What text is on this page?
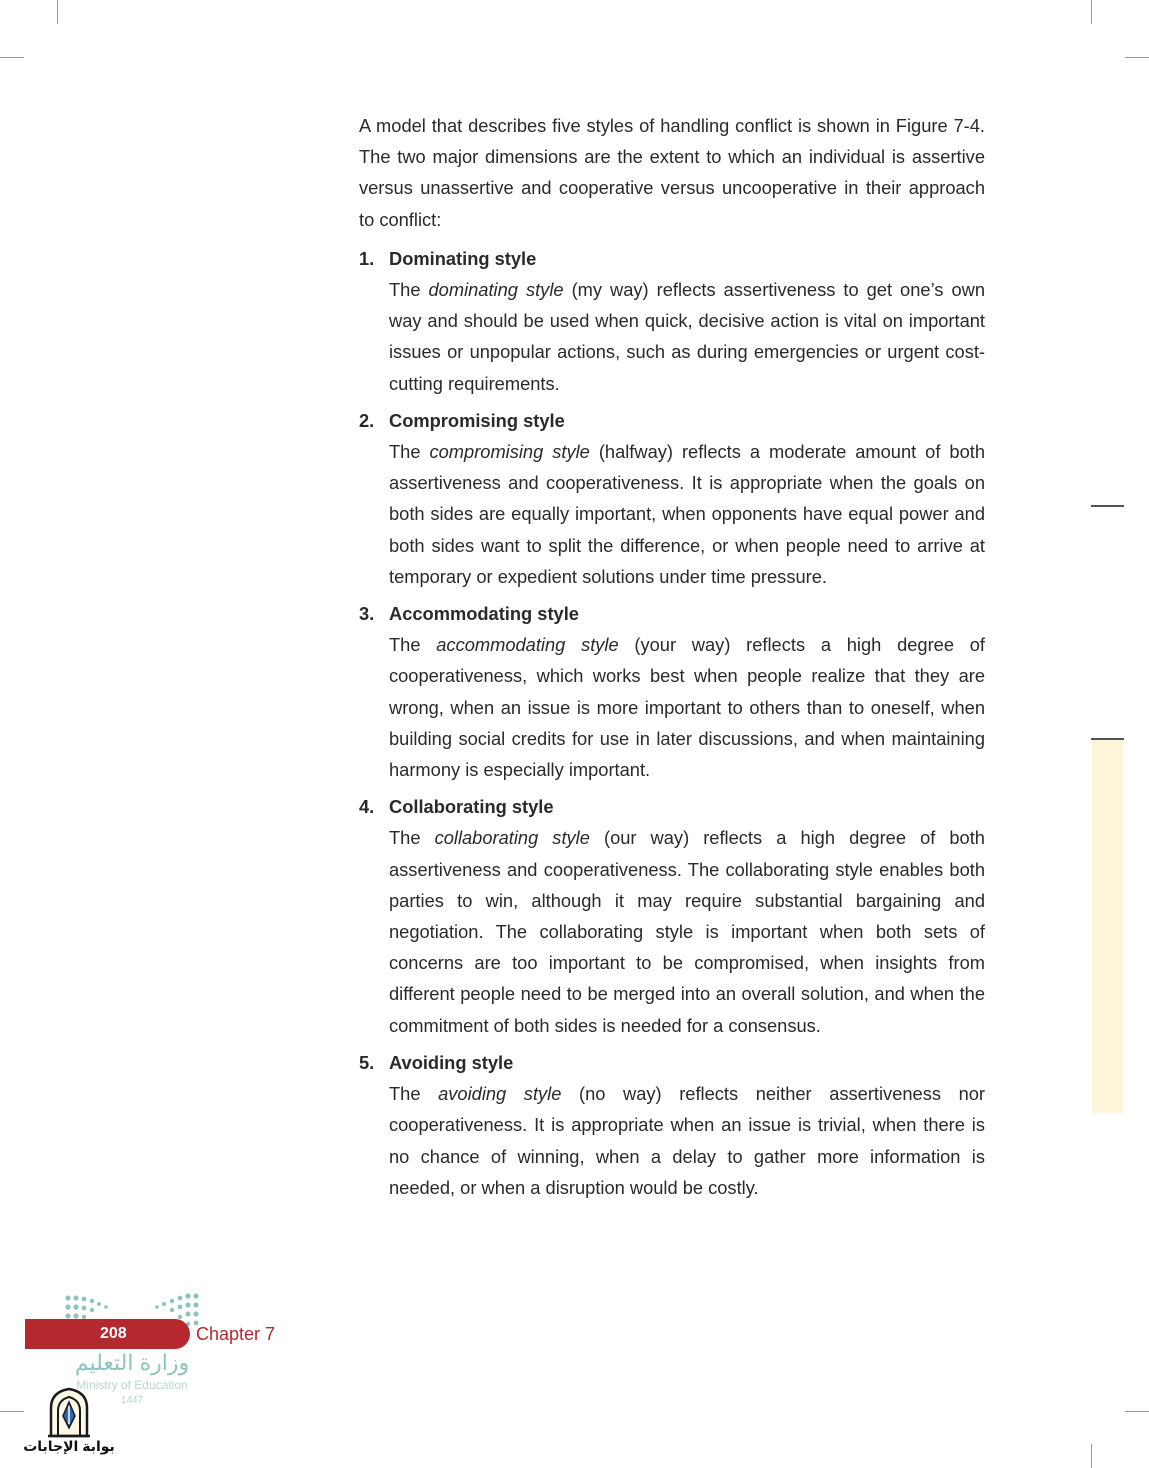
A model that describes five styles of handling conflict is shown in Figure 7-4. The two major dimensions are the extent to which an individual is assertive versus unassertive and cooperative versus uncooperative in their approach to conflict:

1. Dominating style
The dominating style (my way) reflects assertiveness to get one’s own way and should be used when quick, decisive action is vital on important issues or unpopular actions, such as during emergencies or urgent cost-cutting requirements.
2. Compromising style
The compromising style (halfway) reflects a moderate amount of both assertiveness and cooperativeness. It is appropriate when the goals on both sides are equally important, when opponents have equal power and both sides want to split the difference, or when people need to arrive at temporary or expedient solutions under time pressure.
3. Accommodating style
The accommodating style (your way) reflects a high degree of cooperativeness, which works best when people realize that they are wrong, when an issue is more important to others than to oneself, when building social credits for use in later discussions, and when maintaining harmony is especially important.
4. Collaborating style
The collaborating style (our way) reflects a high degree of both assertiveness and cooperativeness. The collaborating style enables both parties to win, although it may require substantial bargaining and negotiation. The collaborating style is important when both sets of concerns are too important to be compromised, when insights from different people need to be merged into an overall solution, and when the commitment of both sides is needed for a consensus.
5. Avoiding style
The avoiding style (no way) reflects neither assertiveness nor cooperativeness. It is appropriate when an issue is trivial, when there is no chance of winning, when a delay to gather more information is needed, or when a disruption would be costly.
208	Chapter 7
وزارة التعليم
Ministry of Education
1447
بوابة الإجابات
